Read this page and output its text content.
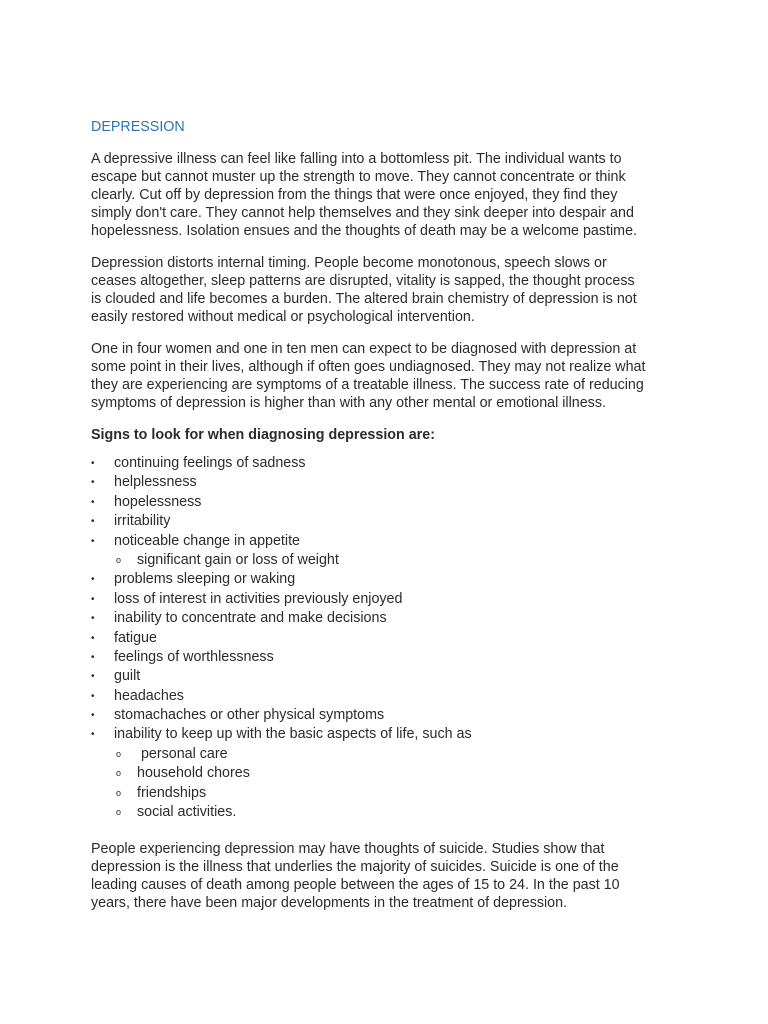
DEPRESSION
A depressive illness can feel like falling into a bottomless pit. The individual wants to
escape but cannot muster up the strength to move. They cannot concentrate or think
clearly. Cut off by depression from the things that were once enjoyed, they find they
simply don't care. They cannot help themselves and they sink deeper into despair and
hopelessness. Isolation ensues and the thoughts of death may be a welcome pastime.
Depression distorts internal timing. People become monotonous, speech slows or
ceases altogether, sleep patterns are disrupted, vitality is sapped, the thought process
is clouded and life becomes a burden. The altered brain chemistry of depression is not
easily restored without medical or psychological intervention.
One in four women and one in ten men can expect to be diagnosed with depression at
some point in their lives, although if often goes undiagnosed. They may not realize what
they are experiencing are symptoms of a treatable illness. The success rate of reducing
symptoms of depression is higher than with any other mental or emotional illness.
Signs to look for when diagnosing depression are:
• continuing feelings of sadness
• helplessness
• hopelessness
• irritability
• noticeable change in appetite
o significant gain or loss of weight
• problems sleeping or waking
• loss of interest in activities previously enjoyed
• inability to concentrate and make decisions
• fatigue
• feelings of worthlessness
• guilt
• headaches
• stomachaches or other physical symptoms
• inability to keep up with the basic aspects of life, such as
o personal care
o household chores
o friendships
o social activities.
People experiencing depression may have thoughts of suicide. Studies show that
depression is the illness that underlies the majority of suicides. Suicide is one of the
leading causes of death among people between the ages of 15 to 24. In the past 10
years, there have been major developments in the treatment of depression.
